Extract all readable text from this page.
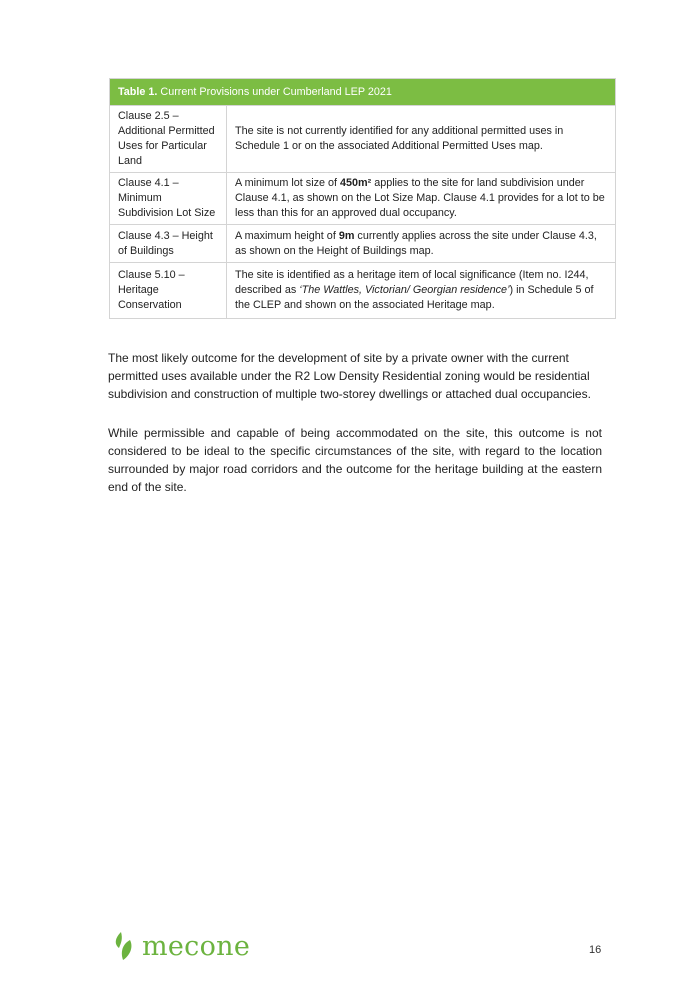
Table 1. Current Provisions under Cumberland LEP 2021	
Clause 2.5 – Additional Permitted Uses for Particular Land	The site is not currently identified for any additional permitted uses in Schedule 1 or on the associated Additional Permitted Uses map.
Clause 4.1 – Minimum Subdivision Lot Size	A minimum lot size of 450m² applies to the site for land subdivision under Clause 4.1, as shown on the Lot Size Map. Clause 4.1 provides for a lot to be less than this for an approved dual occupancy.
Clause 4.3 – Height of Buildings	A maximum height of 9m currently applies across the site under Clause 4.3, as shown on the Height of Buildings map.
Clause 5.10 – Heritage Conservation	The site is identified as a heritage item of local significance (Item no. I244, described as ‘The Wattles, Victorian/ Georgian residence’) in Schedule 5 of the CLEP and shown on the associated Heritage map.

The most likely outcome for the development of site by a private owner with the current permitted uses available under the R2 Low Density Residential zoning would be residential subdivision and construction of multiple two-storey dwellings or attached dual occupancies.

While permissible and capable of being accommodated on the site, this outcome is not considered to be ideal to the specific circumstances of the site, with regard to the location surrounded by major road corridors and the outcome for the heritage building at the eastern end of the site.

mecone	16
